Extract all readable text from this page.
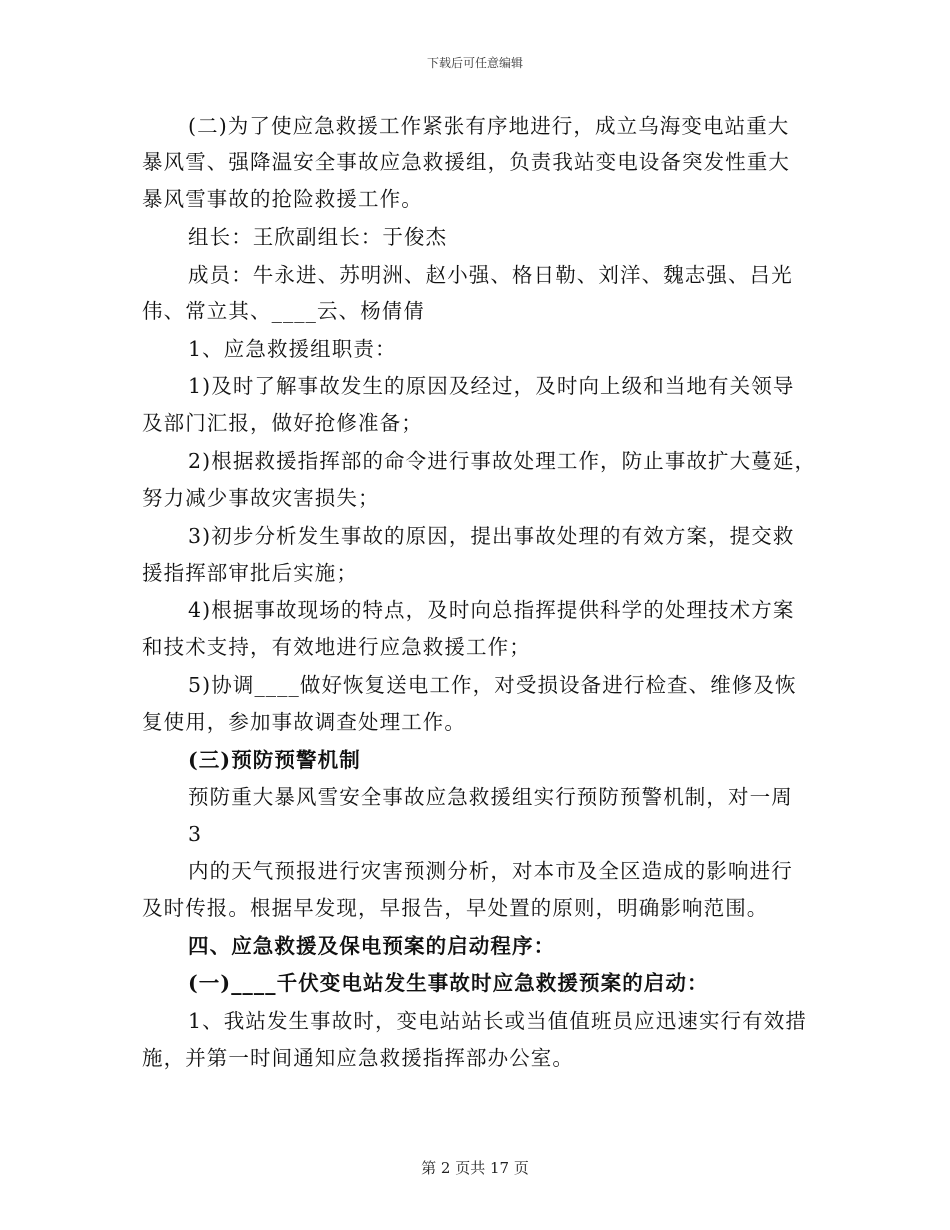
下载后可任意编辑
(二)为了使应急救援工作紧张有序地进行，成立乌海变电站重大
暴风雪、强降温安全事故应急救援组，负责我站变电设备突发性重大
暴风雪事故的抢险救援工作。
组长：王欣副组长：于俊杰
成员：牛永进、苏明洲、赵小强、格日勒、刘洋、魏志强、吕光
伟、常立其、____云、杨倩倩
1、应急救援组职责：
1)及时了解事故发生的原因及经过，及时向上级和当地有关领导
及部门汇报，做好抢修准备；
2)根据救援指挥部的命令进行事故处理工作，防止事故扩大蔓延，
努力减少事故灾害损失；
3)初步分析发生事故的原因，提出事故处理的有效方案，提交救
援指挥部审批后实施；
4)根据事故现场的特点，及时向总指挥提供科学的处理技术方案
和技术支持，有效地进行应急救援工作；
5)协调____做好恢复送电工作，对受损设备进行检查、维修及恢
复使用，参加事故调查处理工作。
(三)预防预警机制
预防重大暴风雪安全事故应急救援组实行预防预警机制，对一周
3
内的天气预报进行灾害预测分析，对本市及全区造成的影响进行
及时传报。根据早发现，早报告，早处置的原则，明确影响范围。
四、应急救援及保电预案的启动程序：
(一)____千伏变电站发生事故时应急救援预案的启动：
1、我站发生事故时，变电站站长或当值值班员应迅速实行有效措
施，并第一时间通知应急救援指挥部办公室。
第 2 页共 17 页
